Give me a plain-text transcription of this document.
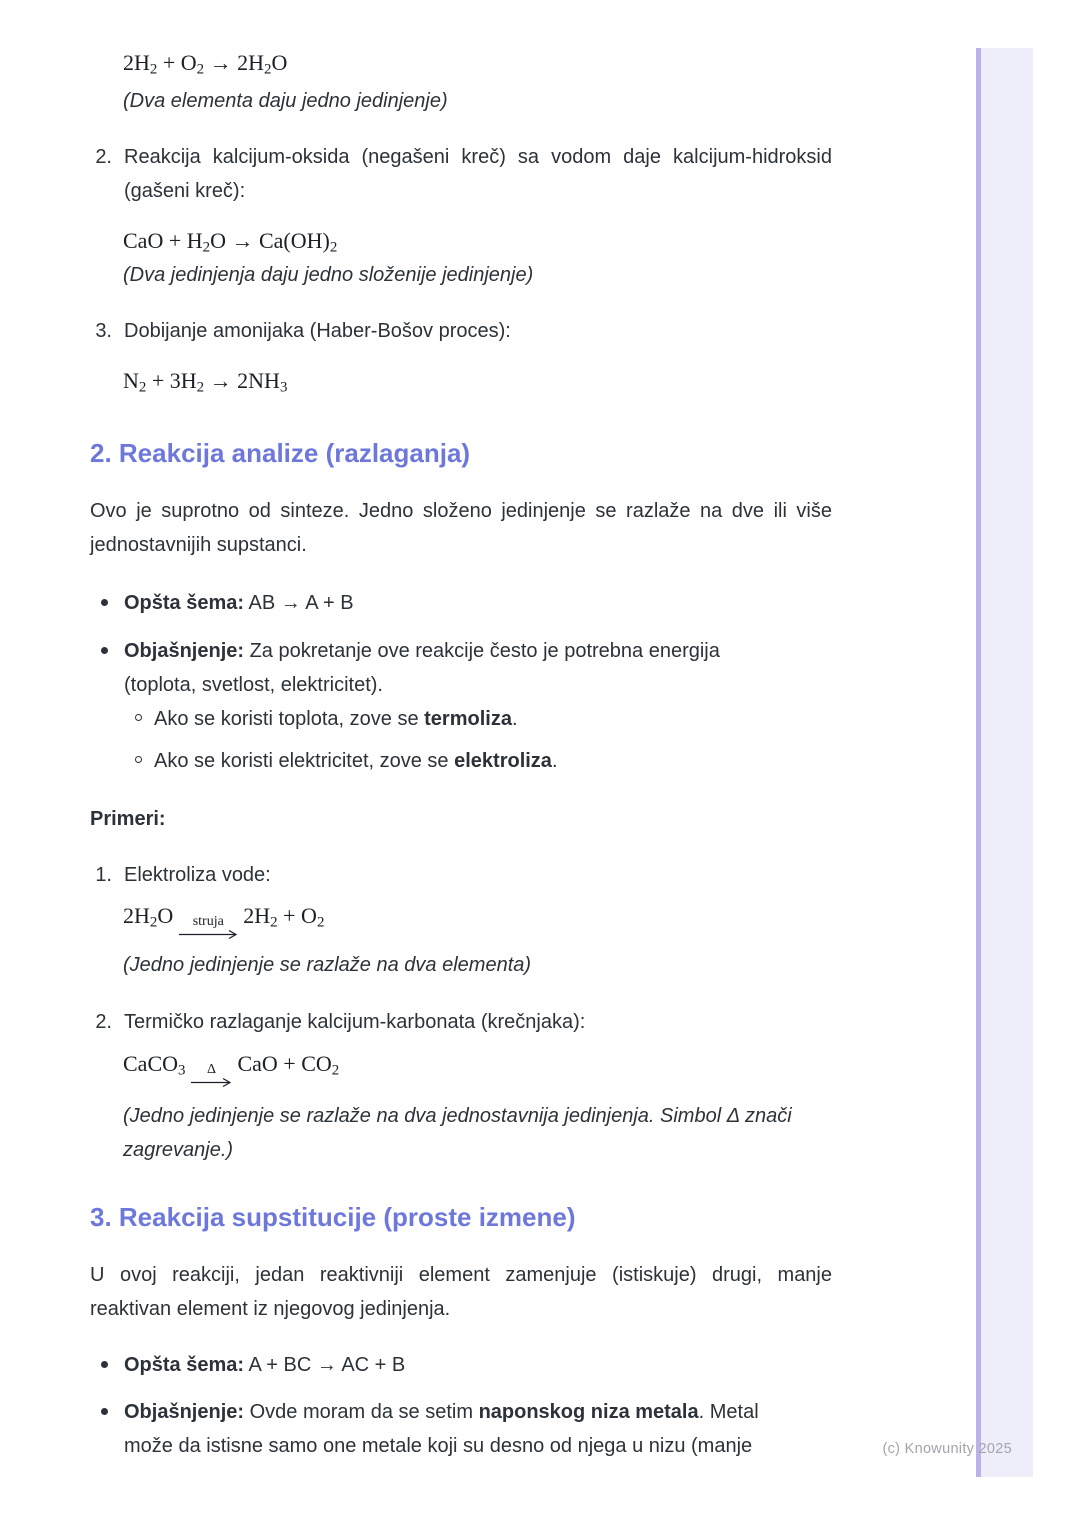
$2H_2 + O_2 \to 2H_2O$
(Dva elementa daju jedno jedinjenje)
2. Reakcija kalcijum-oksida (negašeni kreč) sa vodom daje kalcijum-hidroksid
(gašeni kreč):
CaO + $H_2O \to Ca(OH)_2$
(Dva jedinjenja daju jedno složenije jedinjenje)
3. Dobijanje amonijaka (Haber-Bošov proces):
$N_2 + 3H_2 \to 2NH_3$
2. Reakcija analize (razlaganja)
Ovo je suprotno od sinteze. Jedno složeno jedinjenje se razlaže na dve ili više
jednostavnijih supstanci.
Opšta šema: AB → A + B
Objašnjenje: Za pokretanje ove reakcije često je potrebna energija
(toplota, svetlost, elektricitet).
Ako se koristi toplota, zove se termoliza.
Ako se koristi elektricitet, zove se elektroliza.
Primeri:
1. Elektroliza vode:
$2H_2O$ struja $2H_2 + O_2$
(Jedno jedinjenje se razlaže na dva elementa)
2. Termičko razlaganje kalcijum-karbonata (krečnjaka):
CaCO$_3$ Δ CaO + $CO_2$
(Jedno jedinjenje se razlaže na dva jednostavnija jedinjenja. Simbol Δ znači
zagrevanje.)
3. Reakcija supstitucije (proste izmene)
U ovoj reakciji, jedan reaktivniji element zamenjuje (istiskuje) drugi, manje
reaktivan element iz njegovog jedinjenja.
Opšta šema: A + BC → AC + B
Objašnjenje: Ovde moram da se setim naponskog niza metala. Metal
može da istisne samo one metale koji su desno od njega u nizu (manje	(c) Knowunity 2025
